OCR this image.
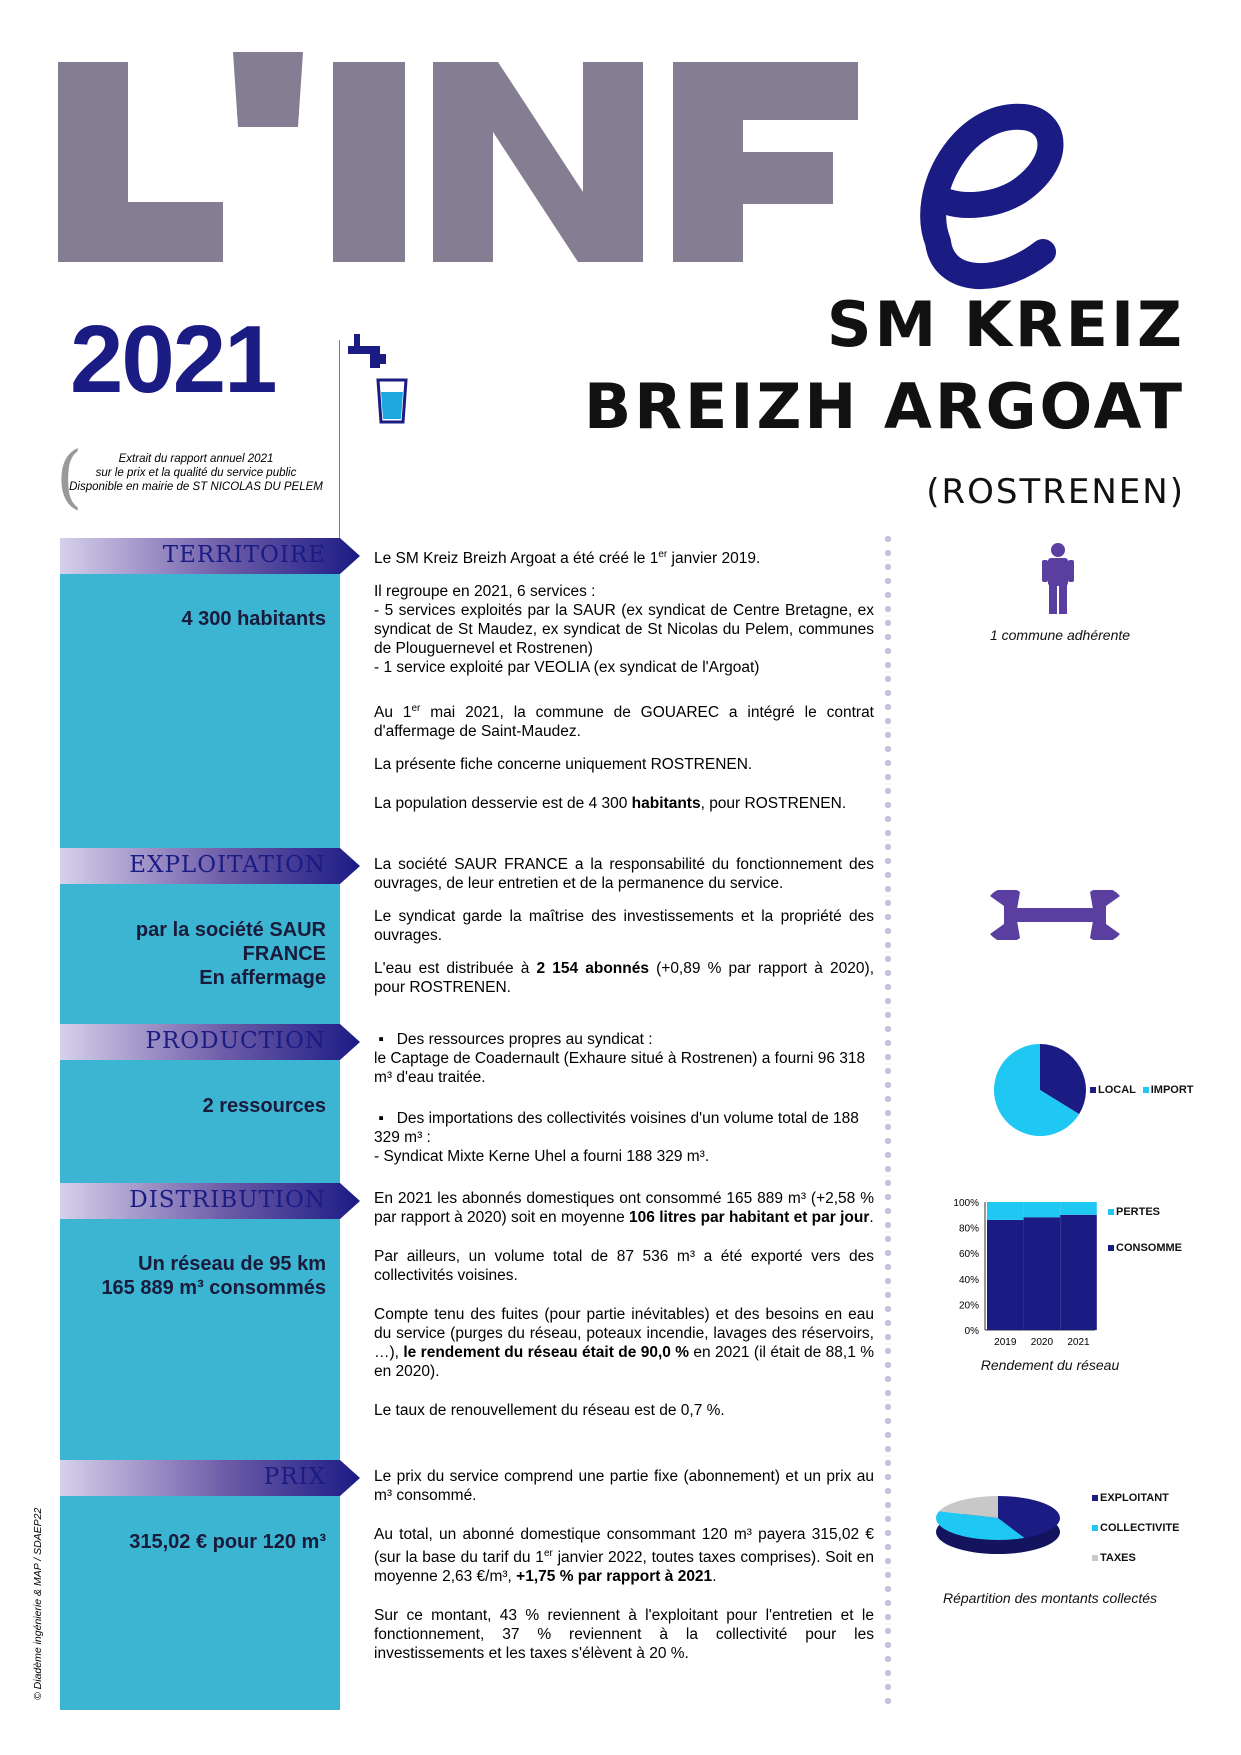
2021	SM KREIZ
BREIZH ARGOAT
(ROSTRENEN)
(	Extrait du rapport annuel 2021
sur le prix et la qualité du service public
Disponible en mairie de ST NICOLAS DU PELEM
TERRITOIRE
EXPLOITATION
PRODUCTION
DISTRIBUTION
PRIX
4 300 habitants
par la société SAUR
FRANCE
En affermage
2 ressources
Un réseau de 95 km
165 889 m³ consommés
315,02 € pour 120 m³

Le SM Kreiz Breizh Argoat a été créé le 1er janvier 2019.

Il regroupe en 2021, 6 services :

- 5 services exploités par la SAUR (ex syndicat de Centre Bretagne, ex syndicat de St Maudez, ex syndicat de St Nicolas du Pelem, communes de Plouguernevel et Rostrenen)

- 1 service exploité par VEOLIA (ex syndicat de l'Argoat)

Au 1er mai 2021, la commune de GOUAREC a intégré le contrat d'affermage de Saint-Maudez.

La présente fiche concerne uniquement ROSTRENEN.

La population desservie est de 4 300 habitants, pour ROSTRENEN.

La société SAUR FRANCE a la responsabilité du fonctionnement des ouvrages, de leur entretien et de la permanence du service.

Le syndicat garde la maîtrise des investissements et la propriété des ouvrages.

L'eau est distribuée à 2 154 abonnés (+0,89 % par rapport à 2020), pour ROSTRENEN.

▪   Des ressources propres au syndicat :

le Captage de Coadernault (Exhaure situé à Rostrenen) a fourni 96 318 m³ d'eau traitée.

▪   Des importations des collectivités voisines d'un volume total de 188 329 m³ :

- Syndicat Mixte Kerne Uhel a fourni 188 329 m³.

En 2021 les abonnés domestiques ont consommé 165 889 m³ (+2,58 % par rapport à 2020) soit en moyenne 106 litres par habitant et par jour.

Par ailleurs, un volume total de 87 536 m³ a été exporté vers des collectivités voisines.

Compte tenu des fuites (pour partie inévitables) et des besoins en eau du service (purges du réseau, poteaux incendie, lavages des réservoirs, …), le rendement du réseau était de 90,0 % en 2021 (il était de 88,1 % en 2020).

Le taux de renouvellement du réseau est de 0,7 %.

Le prix du service comprend une partie fixe (abonnement) et un prix au m³ consommé.

Au total, un abonné domestique consommant 120 m³ payera 315,02 € (sur la base du tarif du 1er janvier 2022, toutes taxes comprises). Soit en moyenne 2,63 €/m³, +1,75 % par rapport à 2021.

Sur ce montant, 43 % reviennent à l'exploitant pour l'entretien et le fonctionnement, 37 % reviennent à la collectivité pour les investissements et les taxes s'élèvent à 20 %.

1 commune adhérente
LOCAL IMPORT
0%
20%
40%
60%
80%
100%
2019 2020 2021
PERTES
CONSOMME
Rendement du réseau
EXPLOITANT
COLLECTIVITE
TAXES
Répartition des montants collectés
© Diadème ingénierie & MAP / SDAEP22
